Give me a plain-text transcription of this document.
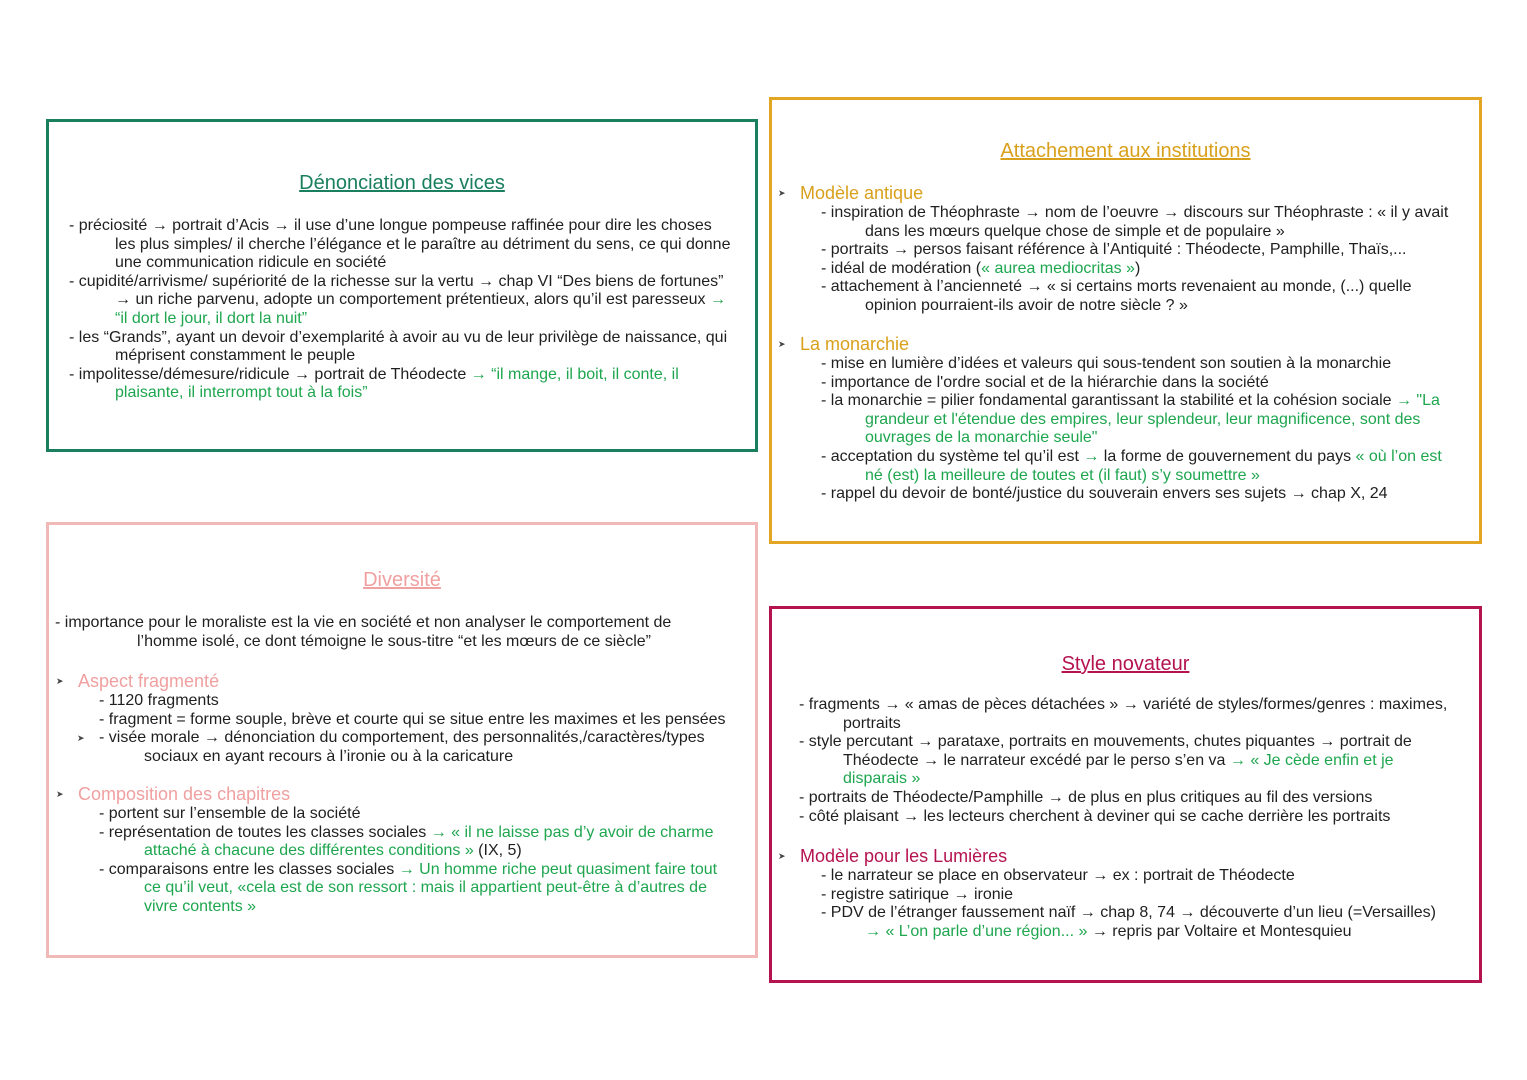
Dénonciation des vices
- préciosité → portrait d’Acis → il use d’une longue pompeuse raffinée pour dire les choses
les plus simples/ il cherche l’élégance et le paraître au détriment du sens, ce qui donne
une communication ridicule en société
- cupidité/arrivisme/ supériorité de la richesse sur la vertu → chap VI “Des biens de fortunes”
→ un riche parvenu, adopte un comportement prétentieux, alors qu’il est paresseux →
“il dort le jour, il dort la nuit”
- les “Grands”, ayant un devoir d’exemplarité à avoir au vu de leur privilège de naissance, qui
méprisent constamment le peuple
- impolitesse/démesure/ridicule → portrait de Théodecte → “il mange, il boit, il conte, il
plaisante, il interrompt tout à la fois”
Diversité
- importance pour le moraliste est la vie en société et non analyser le comportement de
l’homme isolé, ce dont témoigne le sous-titre “et les mœurs de ce siècle”
➤ Aspect fragmenté
- 1120 fragments
- fragment = forme souple, brève et courte qui se situe entre les maximes et les pensées
- visée morale → dénonciation du comportement, des personnalités,/caractères/types
sociaux en ayant recours à l’ironie ou à la caricature
➤
➤ Composition des chapitres
- portent sur l’ensemble de la société
- représentation de toutes les classes sociales → « il ne laisse pas d’y avoir de charme
attaché à chacune des différentes conditions » (IX, 5)
- comparaisons entre les classes sociales → Un homme riche peut quasiment faire tout
ce qu’il veut, «cela est de son ressort : mais il appartient peut-être à d’autres de
vivre contents »
Attachement aux institutions
➤ Modèle antique
- inspiration de Théophraste → nom de l’oeuvre → discours sur Théophraste : « il y avait
dans les mœurs quelque chose de simple et de populaire »
- portraits → persos faisant référence à l’Antiquité : Théodecte, Pamphille, Thaïs,...
- idéal de modération (« aurea mediocritas »)
- attachement à l’ancienneté → « si certains morts revenaient au monde, (...) quelle
opinion pourraient-ils avoir de notre siècle ? »
➤ La monarchie
- mise en lumière d’idées et valeurs qui sous-tendent son soutien à la monarchie
- importance de l'ordre social et de la hiérarchie dans la société
- la monarchie = pilier fondamental garantissant la stabilité et la cohésion sociale → "La
grandeur et l'étendue des empires, leur splendeur, leur magnificence, sont des
ouvrages de la monarchie seule"
- acceptation du système tel qu’il est → la forme de gouvernement du pays « où l’on est
né (est) la meilleure de toutes et (il faut) s’y soumettre »
- rappel du devoir de bonté/justice du souverain envers ses sujets → chap X, 24
Style novateur
- fragments → « amas de pèces détachées » → variété de styles/formes/genres : maximes,
portraits
- style percutant → parataxe, portraits en mouvements, chutes piquantes → portrait de
Théodecte → le narrateur excédé par le perso s’en va → « Je cède enfin et je
disparais »
- portraits de Théodecte/Pamphille → de plus en plus critiques au fil des versions
- côté plaisant → les lecteurs cherchent à deviner qui se cache derrière les portraits
➤ Modèle pour les Lumières
- le narrateur se place en observateur → ex : portrait de Théodecte
- registre satirique → ironie
- PDV de l’étranger faussement naïf → chap 8, 74 → découverte d’un lieu (=Versailles)
→ « L’on parle d’une région... » → repris par Voltaire et Montesquieu
